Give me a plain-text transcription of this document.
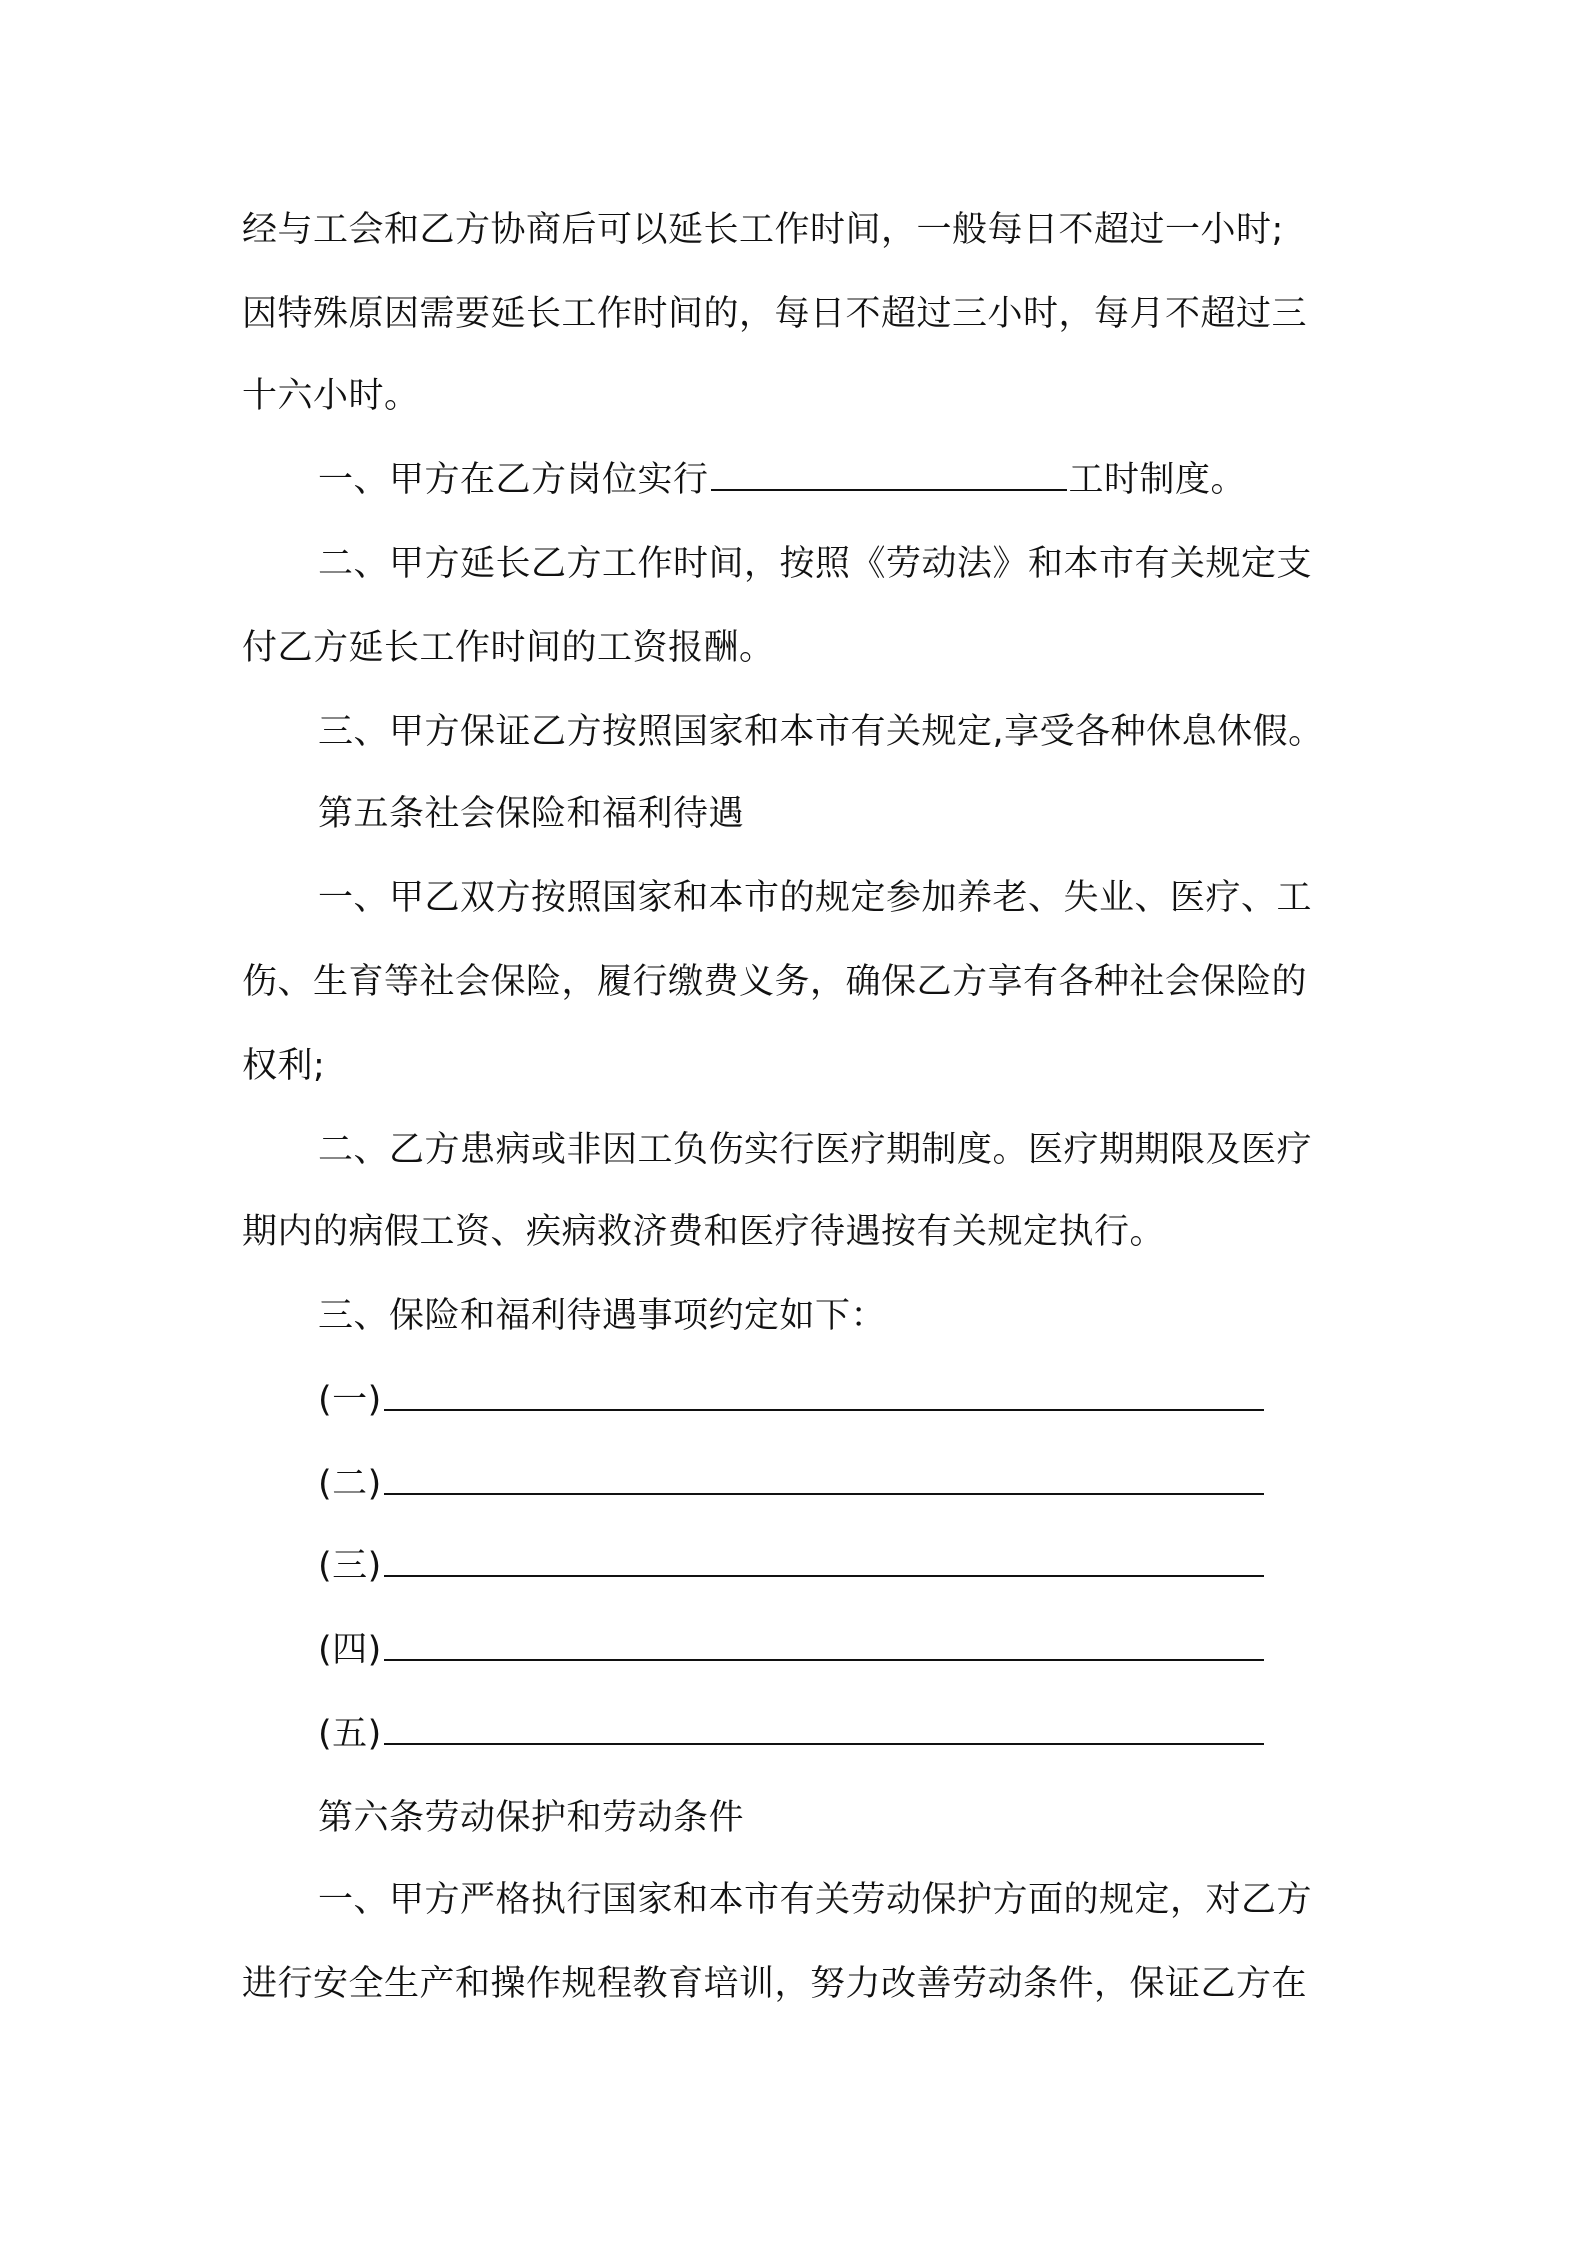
经与工会和乙方协商后可以延长工作时间，一般每日不超过一小时;
因特殊原因需要延长工作时间的，每日不超过三小时，每月不超过三
十六小时。
一、甲方在乙方岗位实行	工时制度。
二、甲方延长乙方工作时间，按照《劳动法》和本市有关规定支
付乙方延长工作时间的工资报酬。
三、甲方保证乙方按照国家和本市有关规定,享受各种休息休假。
第五条社会保险和福利待遇
一、甲乙双方按照国家和本市的规定参加养老、失业、医疗、工
伤、生育等社会保险，履行缴费义务，确保乙方享有各种社会保险的
权利;
二、乙方患病或非因工负伤实行医疗期制度。医疗期期限及医疗
期内的病假工资、疾病救济费和医疗待遇按有关规定执行。
三、保险和福利待遇事项约定如下：
(一)
(二)
(三)
(四)
(五)
第六条劳动保护和劳动条件
一、甲方严格执行国家和本市有关劳动保护方面的规定，对乙方
进行安全生产和操作规程教育培训，努力改善劳动条件，保证乙方在
